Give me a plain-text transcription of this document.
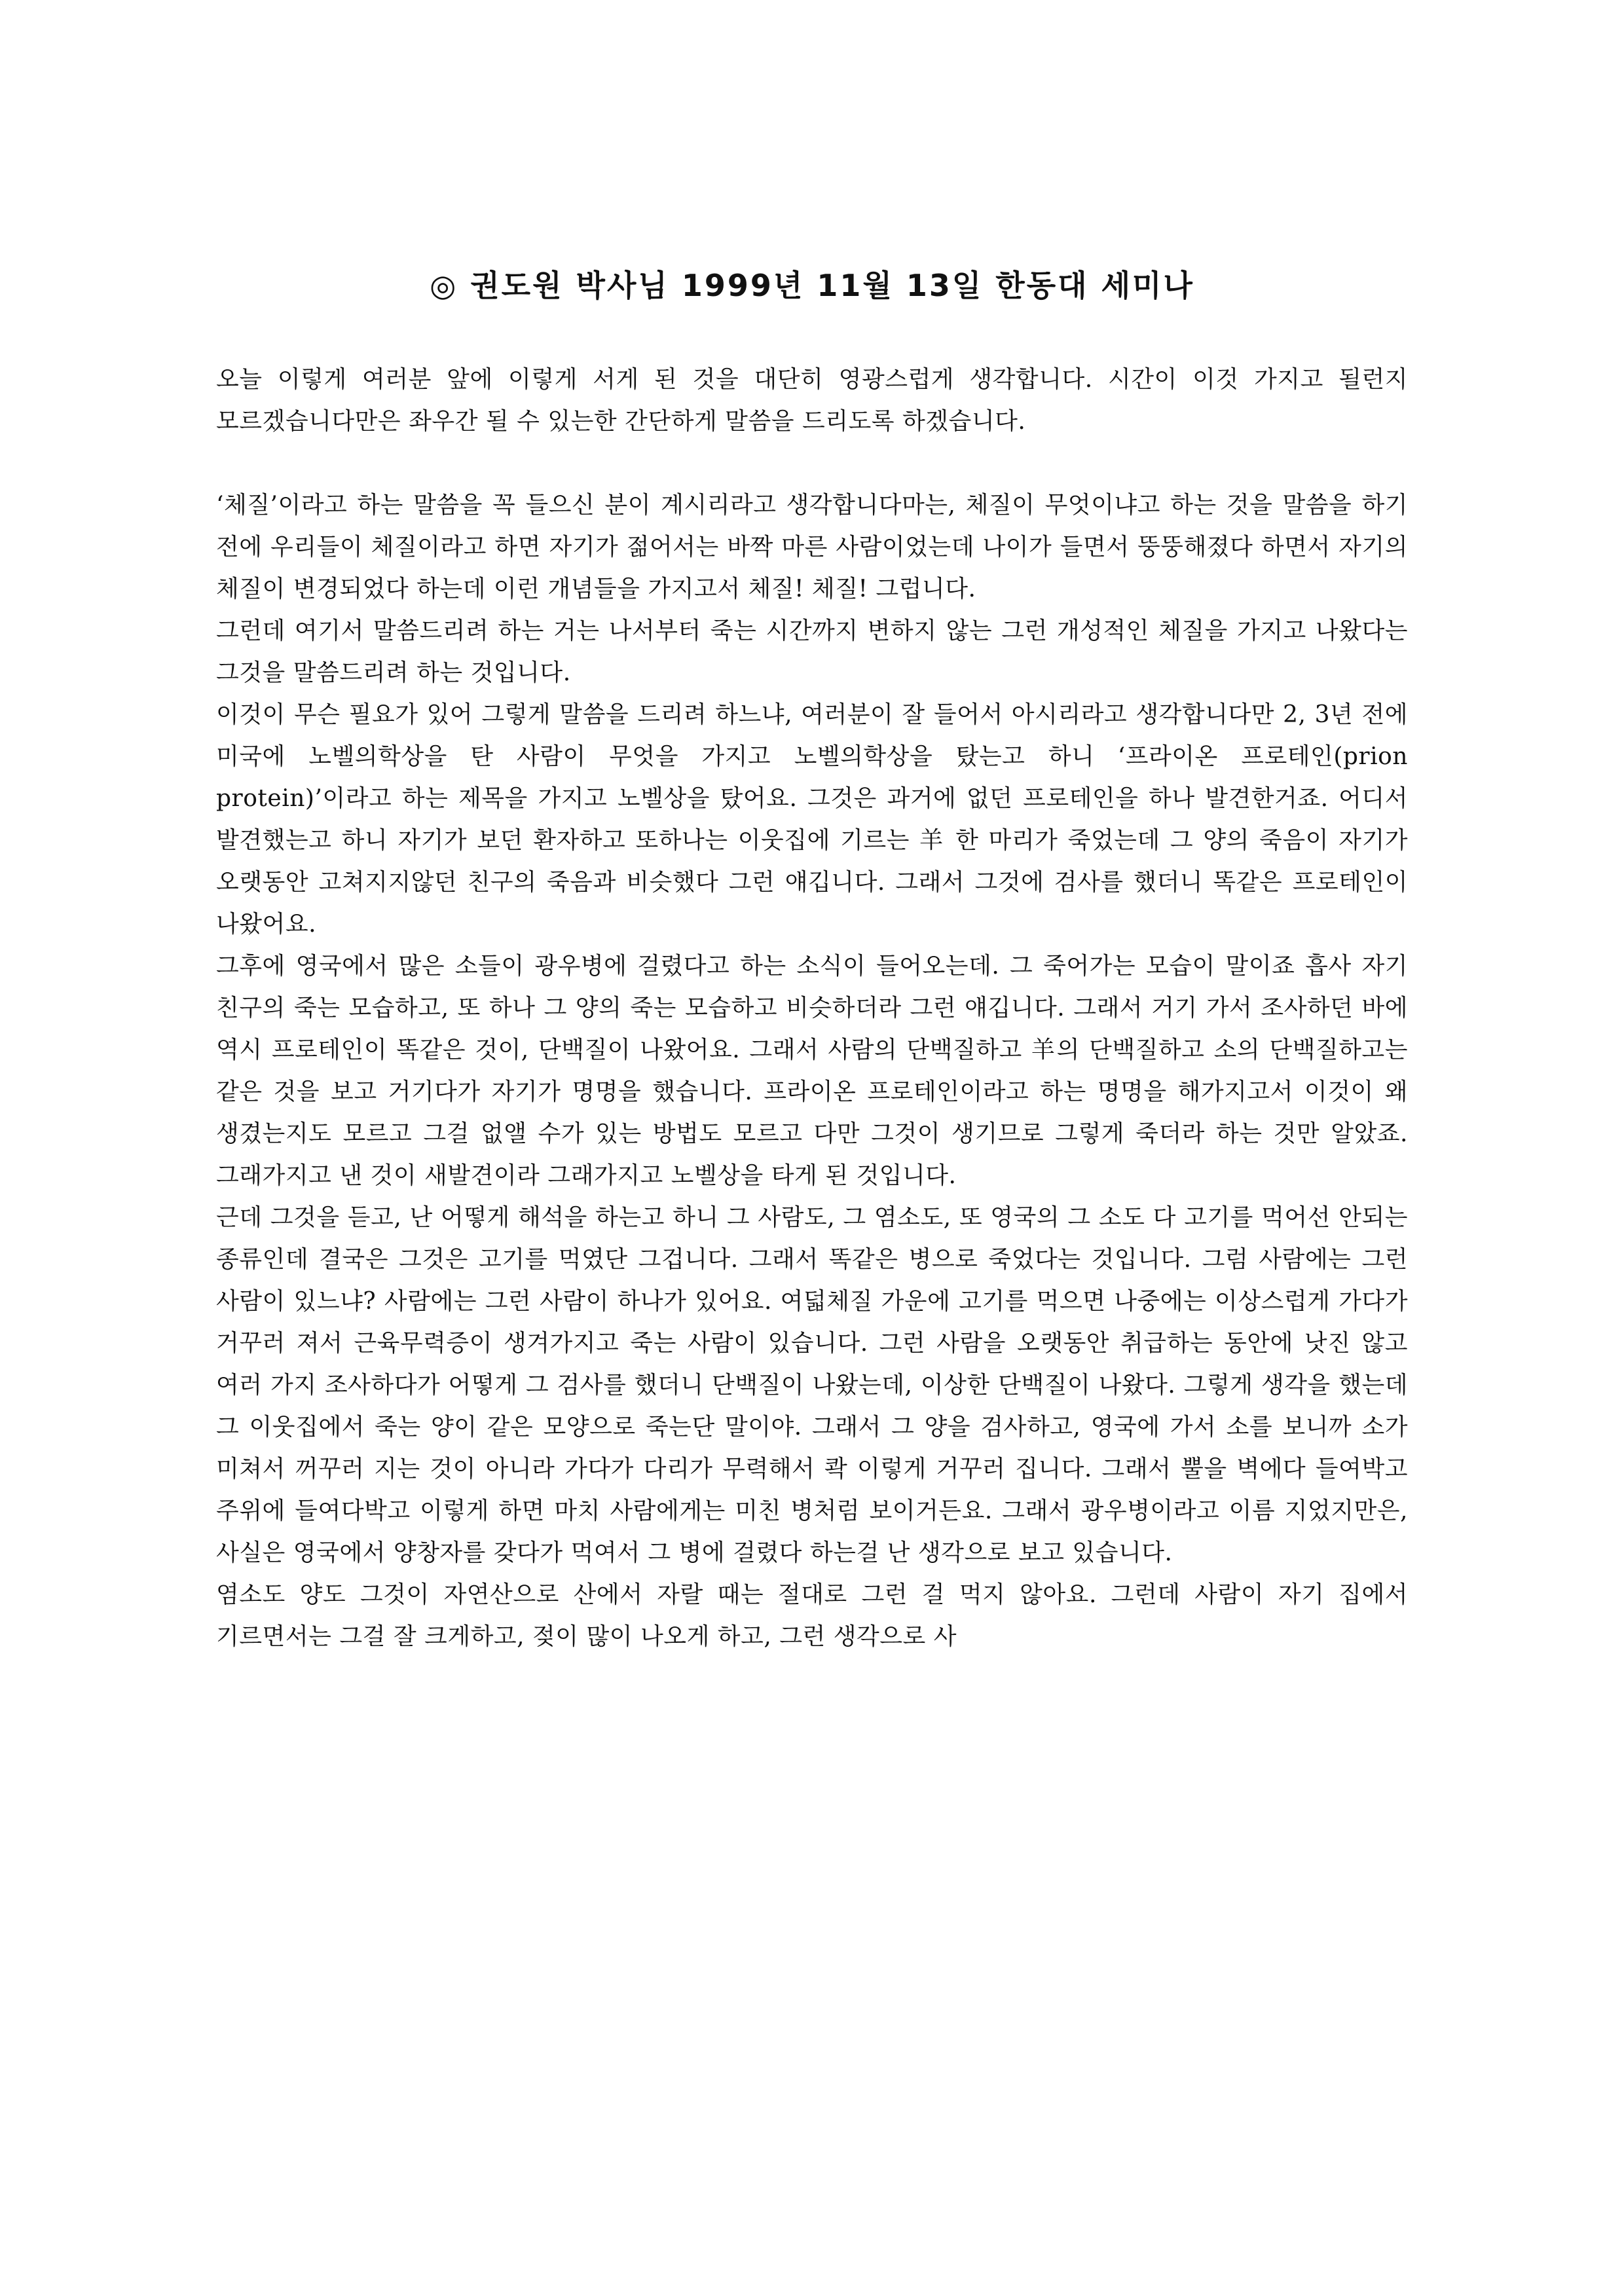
◎ 권도원 박사님 1999년 11월 13일 한동대 세미나

오늘 이렇게 여러분 앞에 이렇게 서게 된 것을 대단히 영광스럽게 생각합니다. 시간이 이것 가지고 될런지 모르겠습니다만은 좌우간 될 수 있는한 간단하게 말씀을 드리도록 하겠습니다.

‘체질’이라고 하는 말씀을 꼭 들으신 분이 계시리라고 생각합니다마는, 체질이 무엇이냐고 하는 것을 말씀을 하기 전에 우리들이 체질이라고 하면 자기가 젊어서는 바짝 마른 사람이었는데 나이가 들면서 뚱뚱해졌다 하면서 자기의 체질이 변경되었다 하는데 이런 개념들을 가지고서 체질! 체질! 그럽니다.

그런데 여기서 말씀드리려 하는 거는 나서부터 죽는 시간까지 변하지 않는 그런 개성적인 체질을 가지고 나왔다는 그것을 말씀드리려 하는 것입니다.

이것이 무슨 필요가 있어 그렇게 말씀을 드리려 하느냐, 여러분이 잘 들어서 아시리라고 생각합니다만 2, 3년 전에 미국에 노벨의학상을 탄 사람이 무엇을 가지고 노벨의학상을 탔는고 하니 ‘프라이온 프로테인(prion protein)’이라고 하는 제목을 가지고 노벨상을 탔어요. 그것은 과거에 없던 프로테인을 하나 발견한거죠. 어디서 발견했는고 하니 자기가 보던 환자하고 또하나는 이웃집에 기르는 羊 한 마리가 죽었는데 그 양의 죽음이 자기가 오랫동안 고쳐지지않던 친구의 죽음과 비슷했다 그런 얘깁니다. 그래서 그것에 검사를 했더니 똑같은 프로테인이 나왔어요.

그후에 영국에서 많은 소들이 광우병에 걸렸다고 하는 소식이 들어오는데. 그 죽어가는 모습이 말이죠 흡사 자기 친구의 죽는 모습하고, 또 하나 그 양의 죽는 모습하고 비슷하더라 그런 얘깁니다. 그래서 거기 가서 조사하던 바에 역시 프로테인이 똑같은 것이, 단백질이 나왔어요. 그래서 사람의 단백질하고 羊의 단백질하고 소의 단백질하고는 같은 것을 보고 거기다가 자기가 명명을 했습니다. 프라이온 프로테인이라고 하는 명명을 해가지고서 이것이 왜 생겼는지도 모르고 그걸 없앨 수가 있는 방법도 모르고 다만 그것이 생기므로 그렇게 죽더라 하는 것만 알았죠. 그래가지고 낸 것이 새발견이라 그래가지고 노벨상을 타게 된 것입니다.

근데 그것을 듣고, 난 어떻게 해석을 하는고 하니 그 사람도, 그 염소도, 또 영국의 그 소도 다 고기를 먹어선 안되는 종류인데 결국은 그것은 고기를 먹였단 그겁니다. 그래서 똑같은 병으로 죽었다는 것입니다. 그럼 사람에는 그런 사람이 있느냐? 사람에는 그런 사람이 하나가 있어요. 여덟체질 가운에 고기를 먹으면 나중에는 이상스럽게 가다가 거꾸러 져서 근육무력증이 생겨가지고 죽는 사람이 있습니다. 그런 사람을 오랫동안 취급하는 동안에 낫진 않고 여러 가지 조사하다가 어떻게 그 검사를 했더니 단백질이 나왔는데, 이상한 단백질이 나왔다. 그렇게 생각을 했는데 그 이웃집에서 죽는 양이 같은 모양으로 죽는단 말이야. 그래서 그 양을 검사하고, 영국에 가서 소를 보니까 소가 미쳐서 꺼꾸러 지는 것이 아니라 가다가 다리가 무력해서 콱 이렇게 거꾸러 집니다. 그래서 뿔을 벽에다 들여박고 주위에 들여다박고 이렇게 하면 마치 사람에게는 미친 병처럼 보이거든요. 그래서 광우병이라고 이름 지었지만은, 사실은 영국에서 양창자를 갖다가 먹여서 그 병에 걸렸다 하는걸 난 생각으로 보고 있습니다.

염소도 양도 그것이 자연산으로 산에서 자랄 때는 절대로 그런 걸 먹지 않아요. 그런데 사람이 자기 집에서 기르면서는 그걸 잘 크게하고, 젖이 많이 나오게 하고, 그런 생각으로 사
